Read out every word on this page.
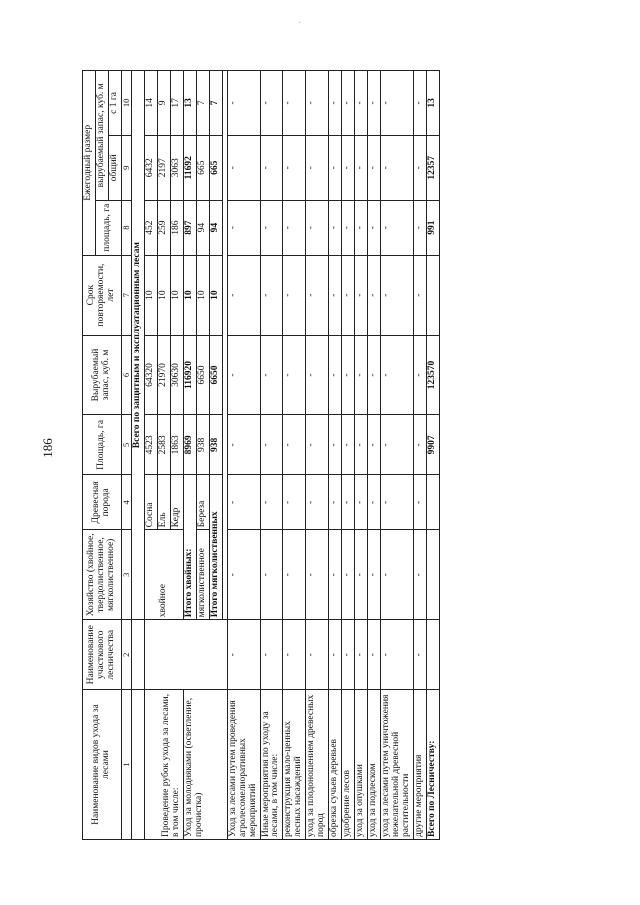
·
186
Наименование видов ухода за лесами	Наименование участкового лесничества	Хозяйство (хвойное, твердолиственное, мягколиственное)	Древесная порода	Площадь, га	Вырубаемый запас, куб. м	Срок повторяемости, лет	Ежегодный размер		
							площадь, га	вырубаемый запас, куб. м	
								общий	с 1 га
1	2	3	4	5	6	7	8	9	10
		Всего по защитным и эксплуатационным лесам							
Проведение рубок ухода за лесами, в том числе:		хвойное	Сосна	4523	64320	10	452	6432	14
			Ель	2583	21970	10	259	2197	9
			Кедр	1863	30630	10	186	3063	17
Уход за молодняками (осветление, прочистка)		Итого хвойных:		8969	116920	10	897	11692	13
		мягколиственное	Береза	938	6650	10	94	665	7
		Итого мягколиственных		938	6650	10	94	665	7

Уход за лесами путем проведения агролесомелиоративных мероприятий	-	-	-	-	-	-	-	-	-
Иные мероприятия по уходу за лесами, в том числе:	-	-	-	-	-	-	-	-	-
реконструкция мало-ценных лесных насаждений	-	-	-	-	-	-	-	-	-
уход за плодоношением древесных пород	-	-	-	-	-	-	-	-	-
обрезка сучьев деревьев	-	-	-	-	-	-	-	-	-
удобрение лесов	-	-	-	-	-	-	-	-	-
уход за опушками	-	-	-	-	-	-	-	-	-
уход за подлеском	-	-	-	-	-	-	-	-	-
уход за лесами путем уничтожения нежелательной древесной растительности	-	-	-	-	-	-	-	-	-
другие мероприятия	-	-	-	-	-	-	-	-	-
Всего по Лесничеству:				9907	123570		991	12357	13
